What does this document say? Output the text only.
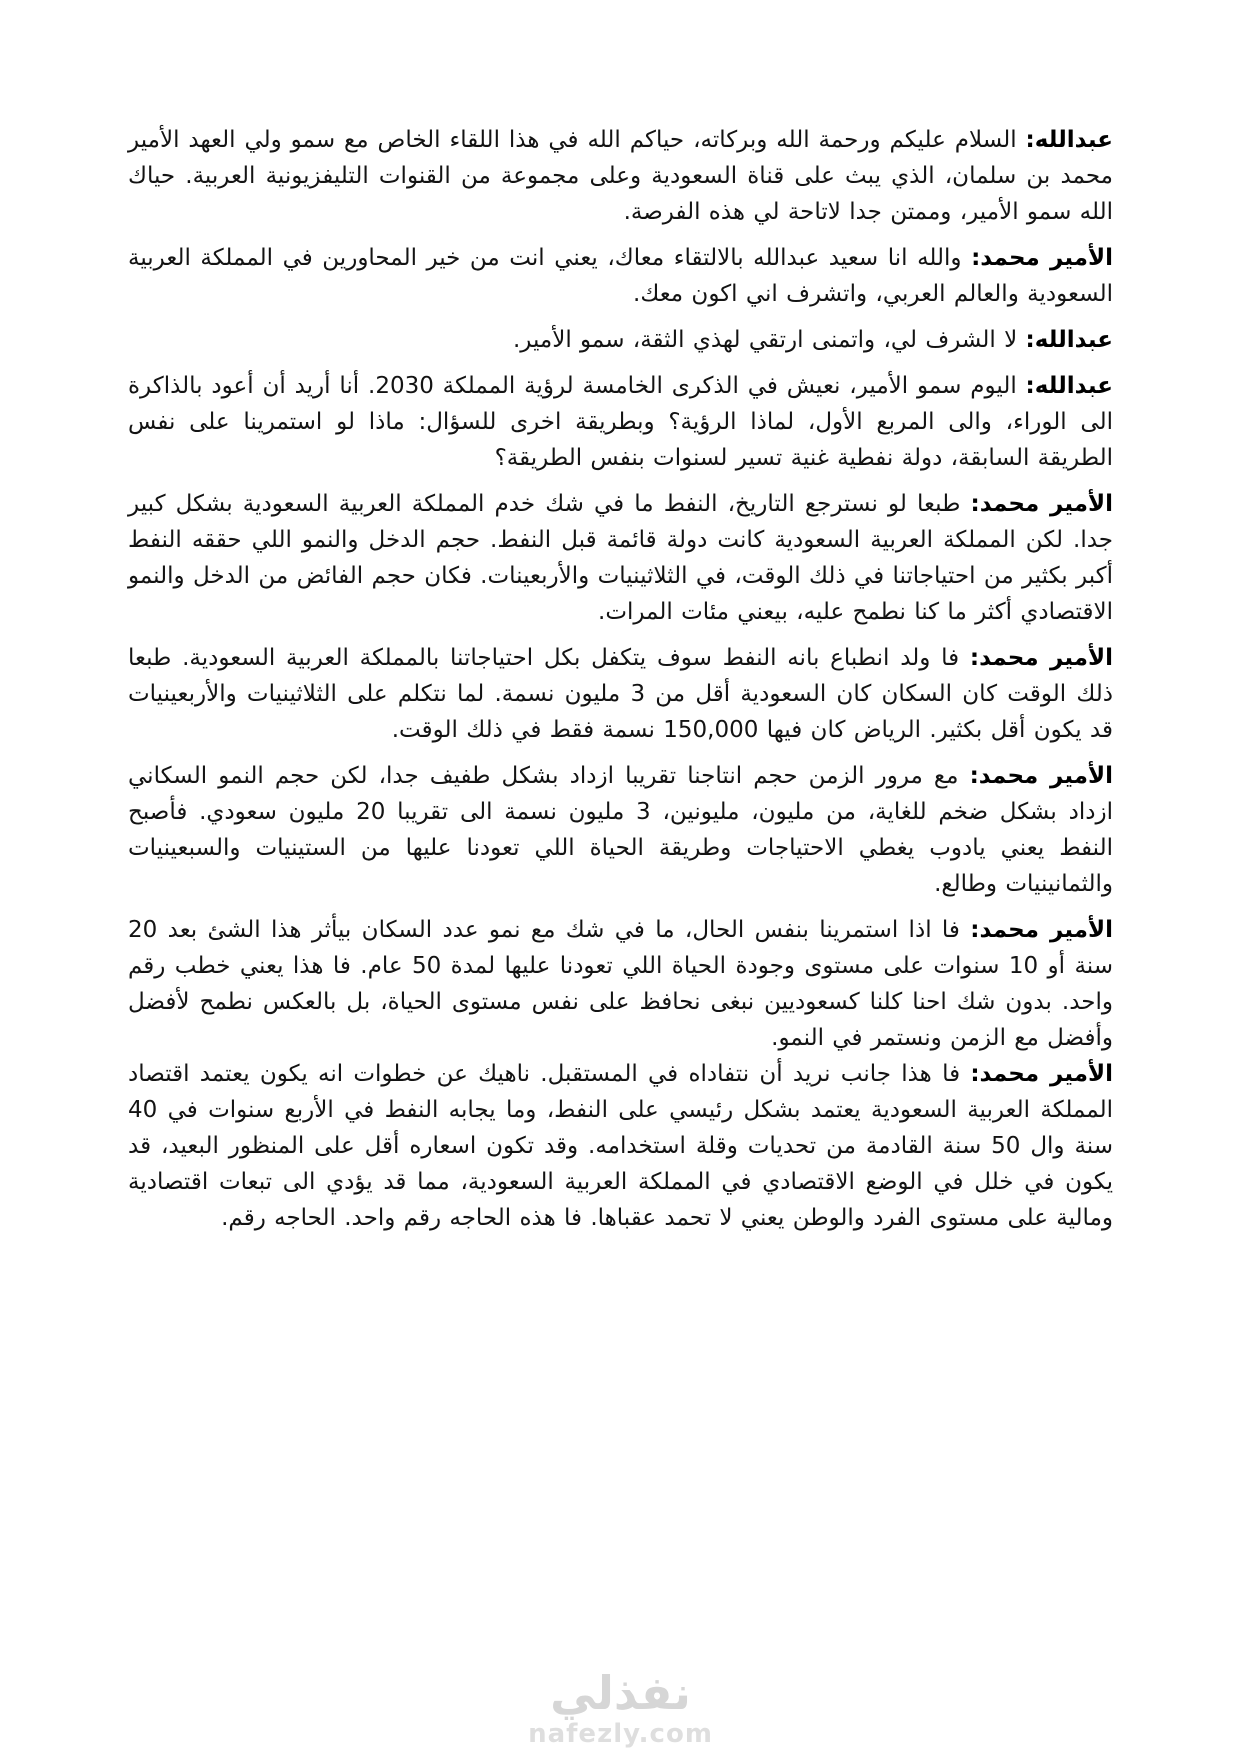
عبدالله: السلام عليكم ورحمة الله وبركاته، حياكم الله في هذا اللقاء الخاص مع سمو ولي العهد الأمير محمد بن سلمان، الذي يبث على قناة السعودية وعلى مجموعة من القنوات التليفزيونية العربية. حياك الله سمو الأمير، وممتن جدا لاتاحة لي هذه الفرصة.

الأمير محمد: والله انا سعيد عبدالله بالالتقاء معاك، يعني انت من خير المحاورين في المملكة العربية السعودية والعالم العربي، واتشرف اني اكون معك.

عبدالله: لا الشرف لي، واتمنى ارتقي لهذي الثقة، سمو الأمير.

عبدالله: اليوم سمو الأمير، نعيش في الذكرى الخامسة لرؤية المملكة 2030. أنا أريد أن أعود بالذاكرة الى الوراء، والى المربع الأول، لماذا الرؤية؟ وبطريقة اخرى للسؤال: ماذا لو استمرينا على نفس الطريقة السابقة، دولة نفطية غنية تسير لسنوات بنفس الطريقة؟

الأمير محمد: طبعا لو نسترجع التاريخ، النفط ما في شك خدم المملكة العربية السعودية بشكل كبير جدا. لكن المملكة العربية السعودية كانت دولة قائمة قبل النفط. حجم الدخل والنمو اللي حققه النفط أكبر بكثير من احتياجاتنا في ذلك الوقت، في الثلاثينيات والأربعينات. فكان حجم الفائض من الدخل والنمو الاقتصادي أكثر ما كنا نطمح عليه، بيعني مئات المرات.

الأمير محمد: فا ولد انطباع بانه النفط سوف يتكفل بكل احتياجاتنا بالمملكة العربية السعودية. طبعا ذلك الوقت كان السكان كان السعودية أقل من 3 مليون نسمة. لما نتكلم على الثلاثينيات والأربعينيات قد يكون أقل بكثير. الرياض كان فيها 150,000 نسمة فقط في ذلك الوقت.

الأمير محمد: مع مرور الزمن حجم انتاجنا تقريبا ازداد بشكل طفيف جدا، لكن حجم النمو السكاني ازداد بشكل ضخم للغاية، من مليون، مليونين، 3 مليون نسمة الى تقريبا 20 مليون سعودي. فأصبح النفط يعني يادوب يغطي الاحتياجات وطريقة الحياة اللي تعودنا عليها من الستينيات والسبعينيات والثمانينيات وطالع.

الأمير محمد: فا اذا استمرينا بنفس الحال، ما في شك مع نمو عدد السكان بيأثر هذا الشئ بعد 20 سنة أو 10 سنوات على مستوى وجودة الحياة اللي تعودنا عليها لمدة 50 عام. فا هذا يعني خطب رقم واحد. بدون شك احنا كلنا كسعوديين نبغى نحافظ على نفس مستوى الحياة، بل بالعكس نطمح لأفضل وأفضل مع الزمن ونستمر في النمو.

الأمير محمد: فا هذا جانب نريد أن نتفاداه في المستقبل. ناهيك عن خطوات انه يكون يعتمد اقتصاد المملكة العربية السعودية يعتمد بشكل رئيسي على النفط، وما يجابه النفط في الأربع سنوات في 40 سنة وال 50 سنة القادمة من تحديات وقلة استخدامه. وقد تكون اسعاره أقل على المنظور البعيد، قد يكون في خلل في الوضع الاقتصادي في المملكة العربية السعودية، مما قد يؤدي الى تبعات اقتصادية ومالية على مستوى الفرد والوطن يعني لا تحمد عقباها. فا هذه الحاجه رقم واحد. الحاجه رقم.

نفذلي
nafezly.com
